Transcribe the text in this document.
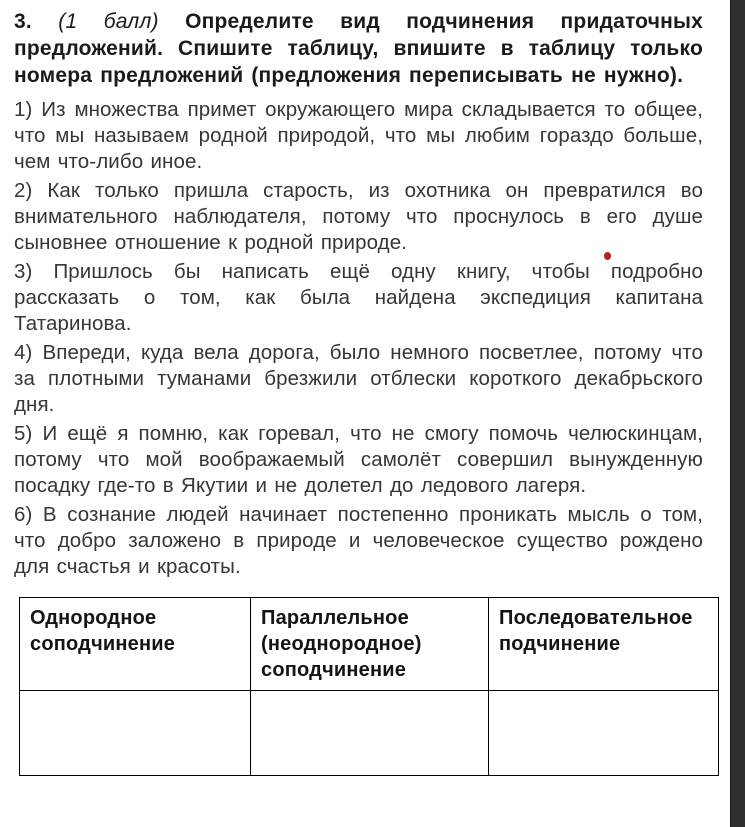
3. (1 балл) Определите вид подчинения придаточных предложений. Спишите таблицу, впишите в таблицу только номера предложений (предложения переписывать не нужно).

1) Из множества примет окружающего мира складывается то общее, что мы называем родной природой, что мы любим гораздо больше, чем что-либо иное.

2) Как только пришла старость, из охотника он превратился во внимательного наблюдателя, потому что проснулось в его душе сыновнее отношение к родной природе.

3) Пришлось бы написать ещё одну книгу, чтобы подробно рассказать о том, как была найдена экспедиция капитана Татаринова.

4) Впереди, куда вела дорога, было немного посветлее, потому что за плотными туманами брезжили отблески короткого декабрьского дня.

5) И ещё я помню, как горевал, что не смогу помочь челюскинцам, потому что мой воображаемый самолёт совершил вынужденную посадку где-то в Якутии и не долетел до ледового лагеря.

6) В сознание людей начинает постепенно проникать мысль о том, что добро заложено в природе и человеческое существо рождено для счастья и красоты.

Однородное соподчинение	Параллельное (неоднородное) соподчинение	Последовательное подчинение
